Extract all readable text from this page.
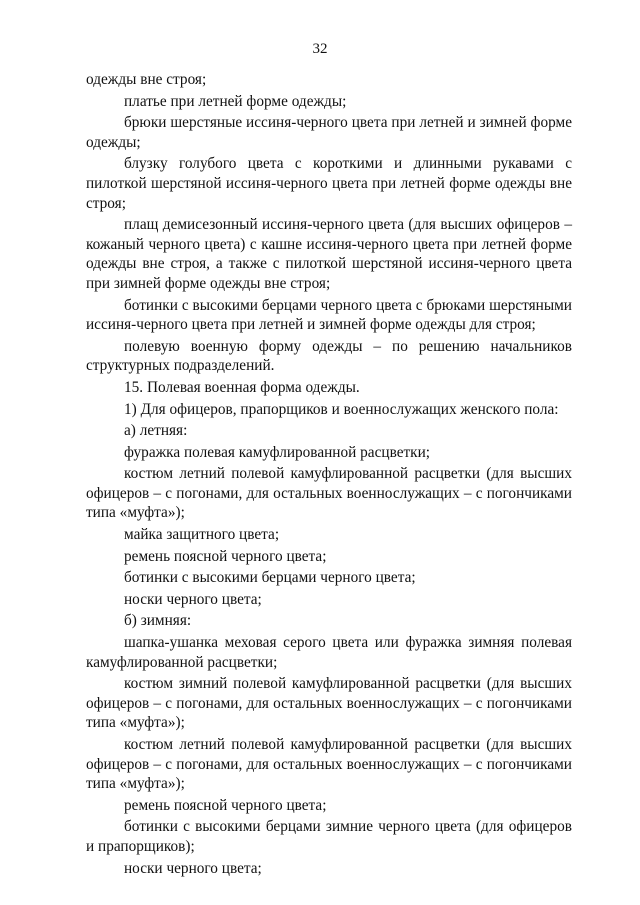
32

одежды вне строя;

платье при летней форме одежды;

брюки шерстяные иссиня-черного цвета при летней и зимней форме одежды;

блузку голубого цвета с короткими и длинными рукавами с пилоткой шерстяной иссиня-черного цвета при летней форме одежды вне строя;

плащ демисезонный иссиня-черного цвета (для высших офицеров – кожаный черного цвета) с кашне иссиня-черного цвета при летней форме одежды вне строя, а также с пилоткой шерстяной иссиня-черного цвета при зимней форме одежды вне строя;

ботинки с высокими берцами черного цвета с брюками шерстяными иссиня-черного цвета при летней и зимней форме одежды для строя;

полевую военную форму одежды – по решению начальников структурных подразделений.

15. Полевая военная форма одежды.

1) Для офицеров, прапорщиков и военнослужащих женского пола:

а) летняя:

фуражка полевая камуфлированной расцветки;

костюм летний полевой камуфлированной расцветки (для высших офицеров – с погонами, для остальных военнослужащих – с погончиками типа «муфта»);

майка защитного цвета;

ремень поясной черного цвета;

ботинки с высокими берцами черного цвета;

носки черного цвета;

б) зимняя:

шапка-ушанка меховая серого цвета или фуражка зимняя полевая камуфлированной расцветки;

костюм зимний полевой камуфлированной расцветки (для высших офицеров – с погонами, для остальных военнослужащих – с погончиками типа «муфта»);

костюм летний полевой камуфлированной расцветки (для высших офицеров – с погонами, для остальных военнослужащих – с погончиками типа «муфта»);

ремень поясной черного цвета;

ботинки с высокими берцами зимние черного цвета (для офицеров и прапорщиков);

носки черного цвета;
